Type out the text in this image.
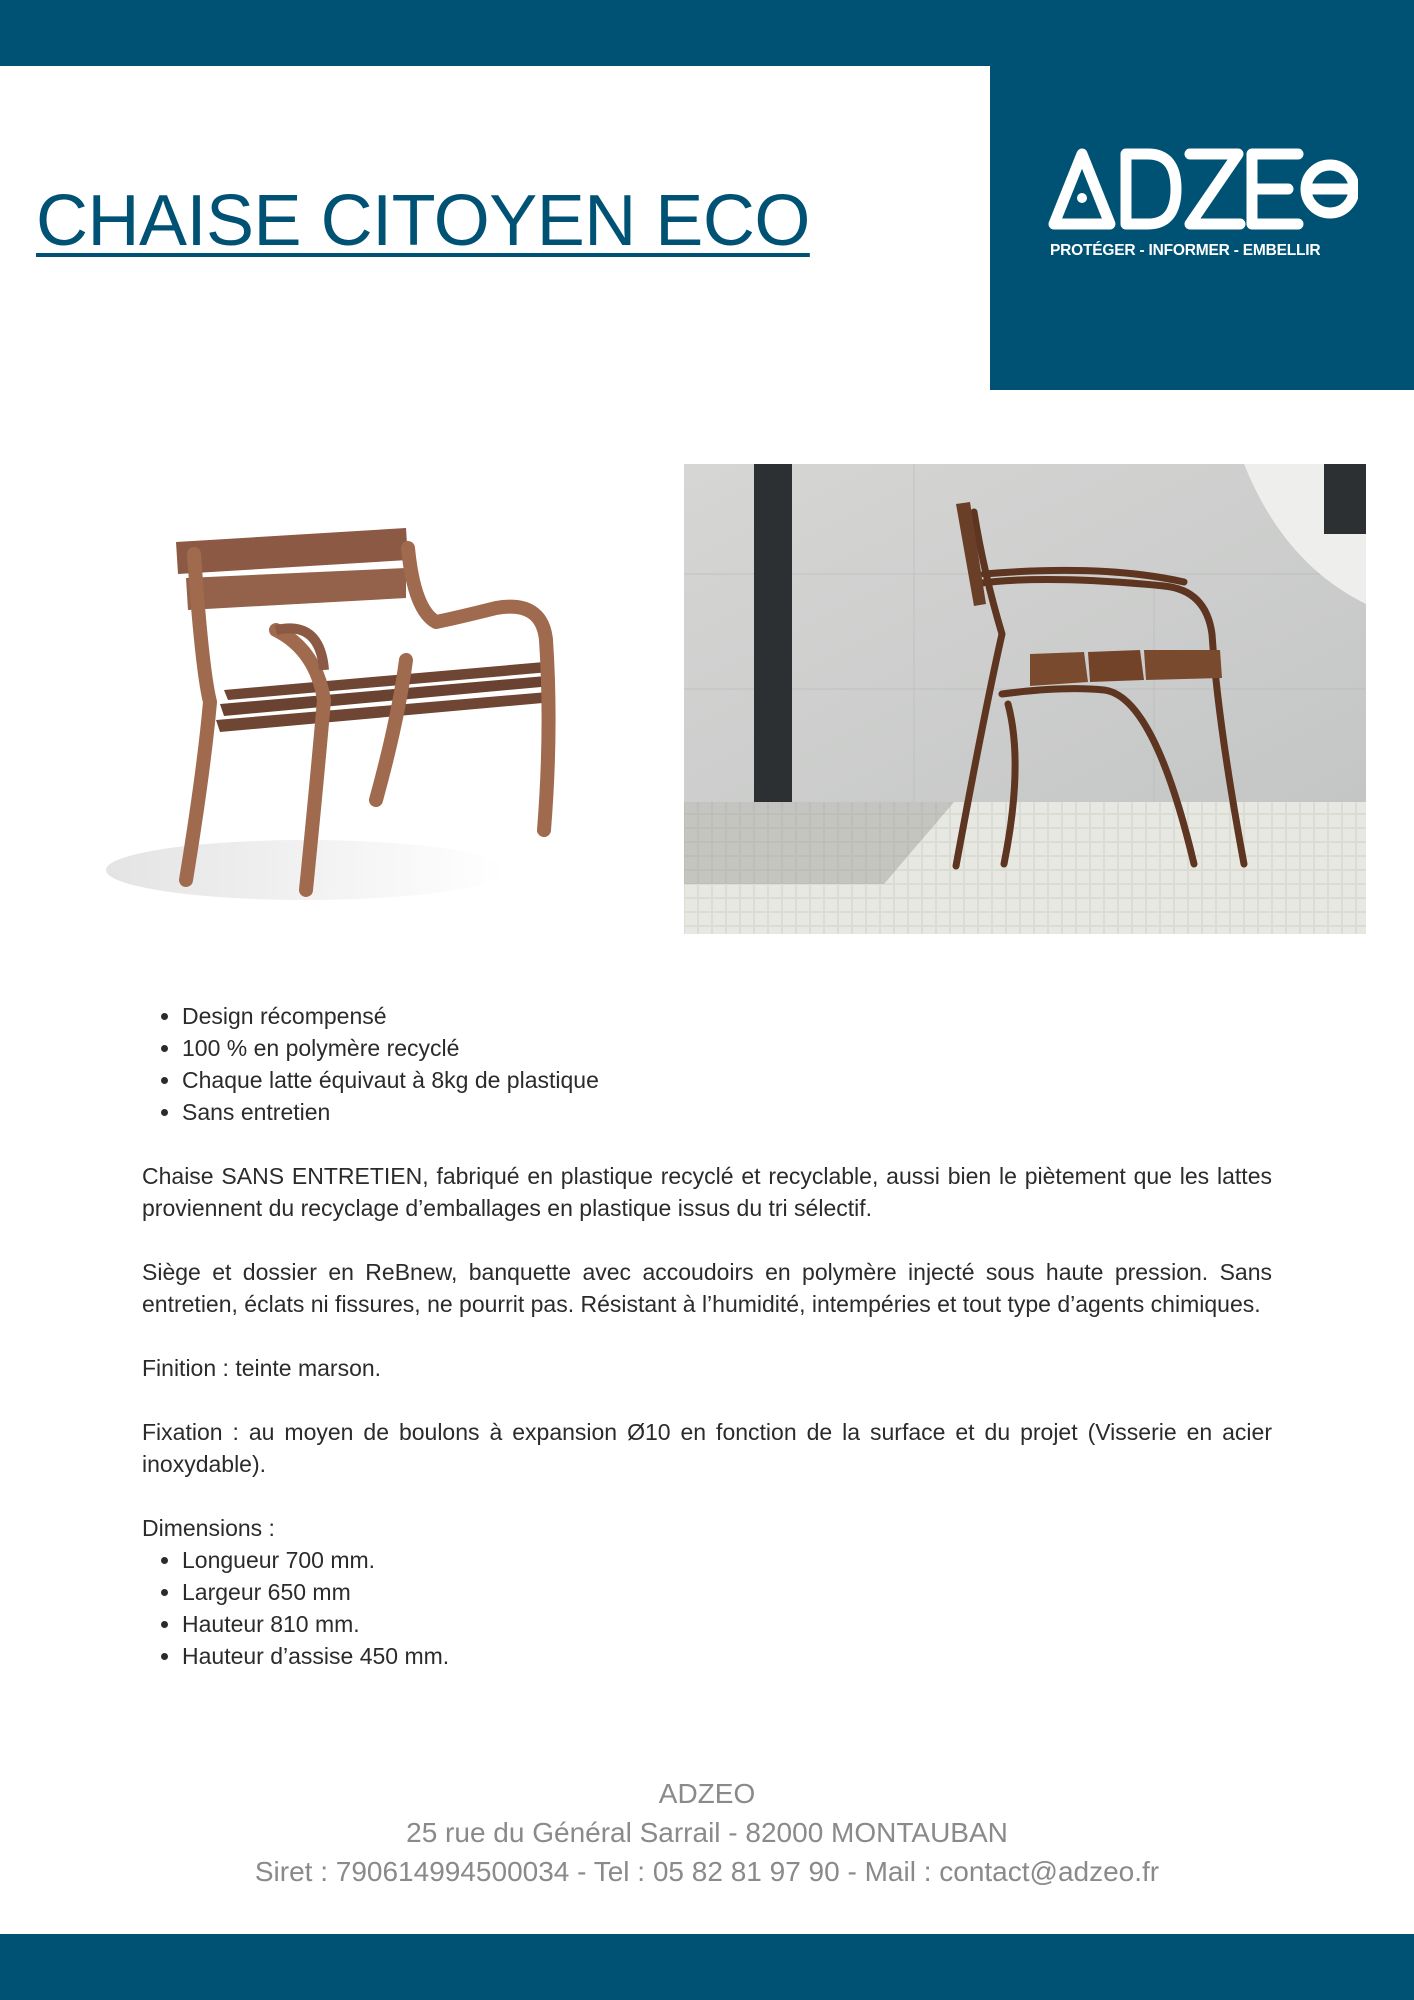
CHAISE CITOYEN ECO	PROTÉGER - INFORMER - EMBELLIR
• Design récompensé
• 100 % en polymère recyclé
• Chaque latte équivaut à 8kg de plastique
• Sans entretien

Chaise SANS ENTRETIEN, fabriqué en plastique recyclé et recyclable, aussi bien le piètement que les lattes proviennent du recyclage d’emballages en plastique issus du tri sélectif.

Siège et dossier en ReBnew, banquette avec accoudoirs en polymère injecté sous haute pression. Sans entretien, éclats ni fissures, ne pourrit pas. Résistant à l’humidité, intempéries et tout type d’agents chimiques.

Finition : teinte marson.

Fixation : au moyen de boulons à expansion Ø10 en fonction de la surface et du projet (Visserie en acier inoxydable).

Dimensions :

• Longueur 700 mm.
• Largeur 650 mm
• Hauteur 810 mm.
• Hauteur d’assise 450 mm.
ADZEO
25 rue du Général Sarrail - 82000 MONTAUBAN
Siret : 790614994500034 - Tel : 05 82 81 97 90 - Mail : contact@adzeo.fr
